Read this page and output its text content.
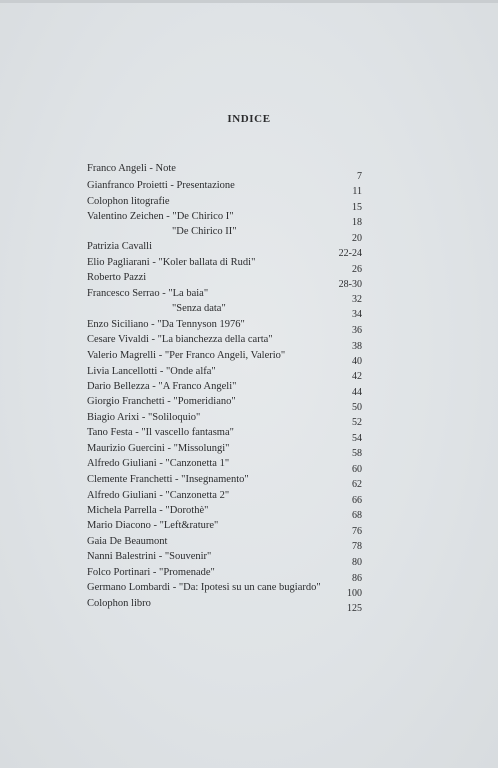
INDICE
Franco Angeli - Note
Gianfranco Proietti - Presentazione
Colophon litografie
Valentino Zeichen - "De Chirico I"
"De Chirico II"
Patrizia Cavalli
Elio Pagliarani - "Koler ballata di Rudi"
Roberto Pazzi
Francesco Serrao - "La baia"
"Senza data"
Enzo Siciliano - "Da Tennyson 1976"
Cesare Vivaldi - "La bianchezza della carta"
Valerio Magrelli - "Per Franco Angeli, Valerio"
Livia Lancellotti - "Onde alfa"
Dario Bellezza - "A Franco Angeli"
Giorgio Franchetti - "Pomeridiano"
Biagio Arixi - "Soliloquio"
Tano Festa - "Il vascello fantasma"
Maurizio Guercini - "Missolungi"
Alfredo Giuliani - "Canzonetta 1"
Clemente Franchetti - "Insegnamento"
Alfredo Giuliani - "Canzonetta 2"
Michela Parrella - "Dorothè"
Mario Diacono - "Left&rature"
Gaia De Beaumont
Nanni Balestrini - "Souvenir"
Folco Portinari - "Promenade"
Germano Lombardi - "Da: Ipotesi su un cane bugiardo"
Colophon libro
7
11
15
18
20
22-24
26
28-30
32
34
36
38
40
42
44
50
52
54
58
60
62
66
68
76
78
80
86
100
125
